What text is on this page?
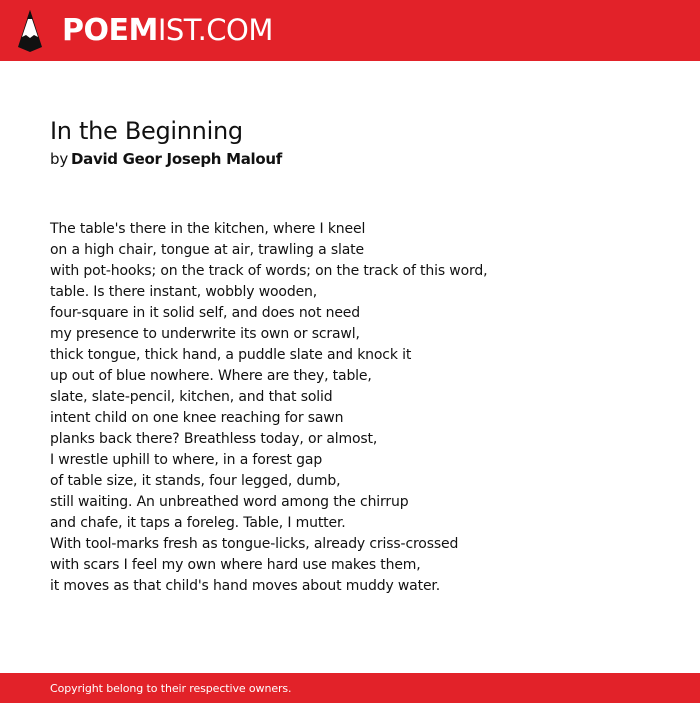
POEMIST.COM
In the Beginning
by David Geor Joseph Malouf
The table's there in the kitchen, where I kneel
on a high chair, tongue at air, trawling a slate
with pot-hooks; on the track of words; on the track of this word,
table. Is there instant, wobbly wooden,
four-square in it solid self, and does not need
my presence to underwrite its own or scrawl,
thick tongue, thick hand, a puddle slate and knock it
up out of blue nowhere. Where are they, table,
slate, slate-pencil, kitchen, and that solid
intent child on one knee reaching for sawn
planks back there? Breathless today, or almost,
I wrestle uphill to where, in a forest gap
of table size, it stands, four legged, dumb,
still waiting. An unbreathed word among the chirrup
and chafe, it taps a foreleg. Table, I mutter.
With tool-marks fresh as tongue-licks, already criss-crossed
with scars I feel my own where hard use makes them,
it moves as that child's hand moves about muddy water.
Copyright belong to their respective owners.
